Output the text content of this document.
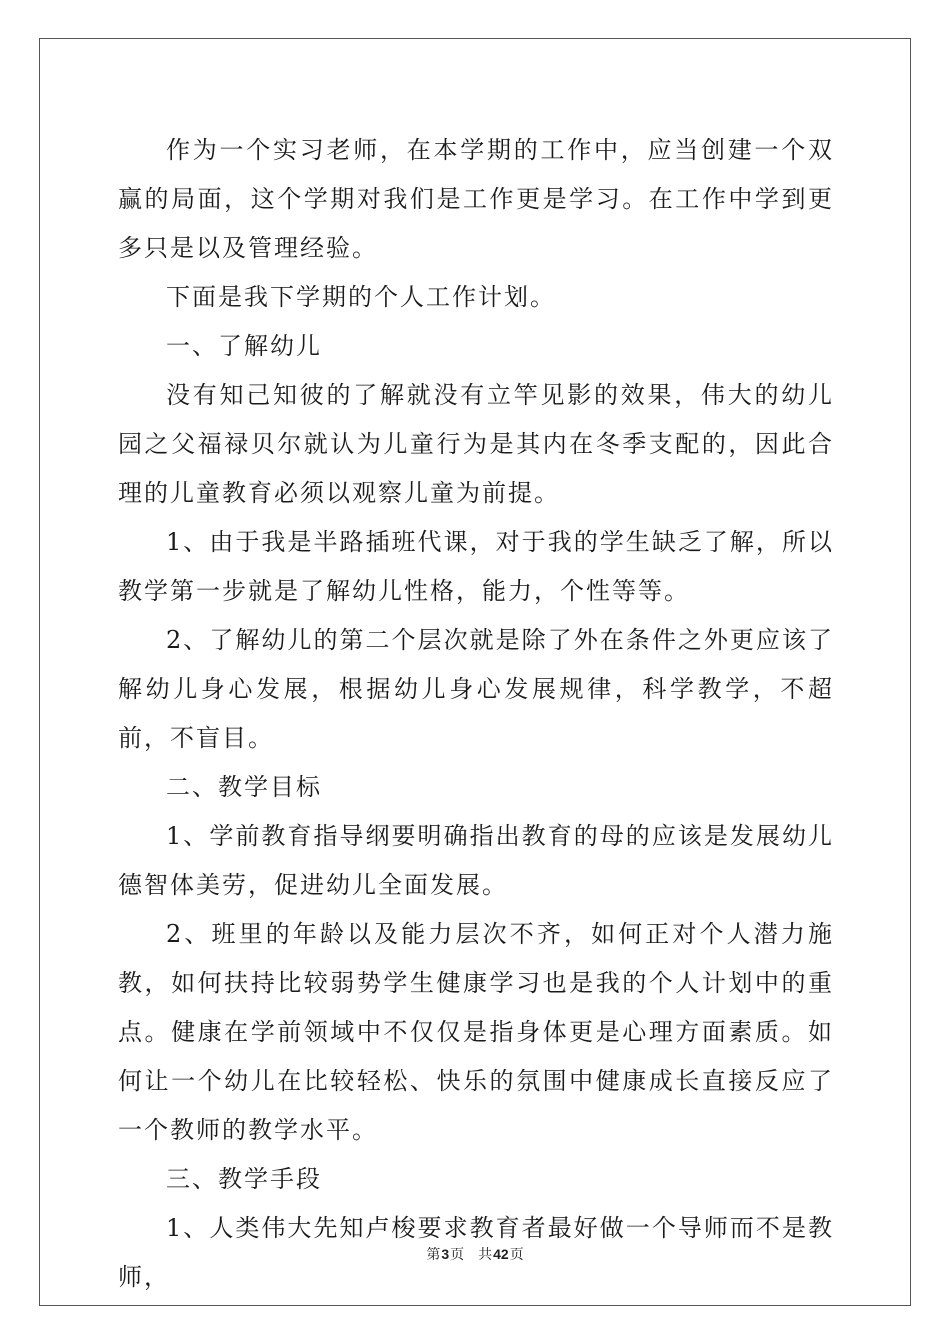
作为一个实习老师，在本学期的工作中，应当创建一个双赢的局面，这个学期对我们是工作更是学习。在工作中学到更多只是以及管理经验。

下面是我下学期的个人工作计划。

一、了解幼儿

没有知己知彼的了解就没有立竿见影的效果，伟大的幼儿园之父福禄贝尔就认为儿童行为是其内在冬季支配的，因此合理的儿童教育必须以观察儿童为前提。

1、由于我是半路插班代课，对于我的学生缺乏了解，所以教学第一步就是了解幼儿性格，能力，个性等等。

2、了解幼儿的第二个层次就是除了外在条件之外更应该了解幼儿身心发展，根据幼儿身心发展规律，科学教学，不超前，不盲目。

二、教学目标

1、学前教育指导纲要明确指出教育的母的应该是发展幼儿德智体美劳，促进幼儿全面发展。

2、班里的年龄以及能力层次不齐，如何正对个人潜力施教，如何扶持比较弱势学生健康学习也是我的个人计划中的重点。健康在学前领域中不仅仅是指身体更是心理方面素质。如何让一个幼儿在比较轻松、快乐的氛围中健康成长直接反应了一个教师的教学水平。

三、教学手段

1、人类伟大先知卢梭要求教育者最好做一个导师而不是教师，

第3页 共42页
